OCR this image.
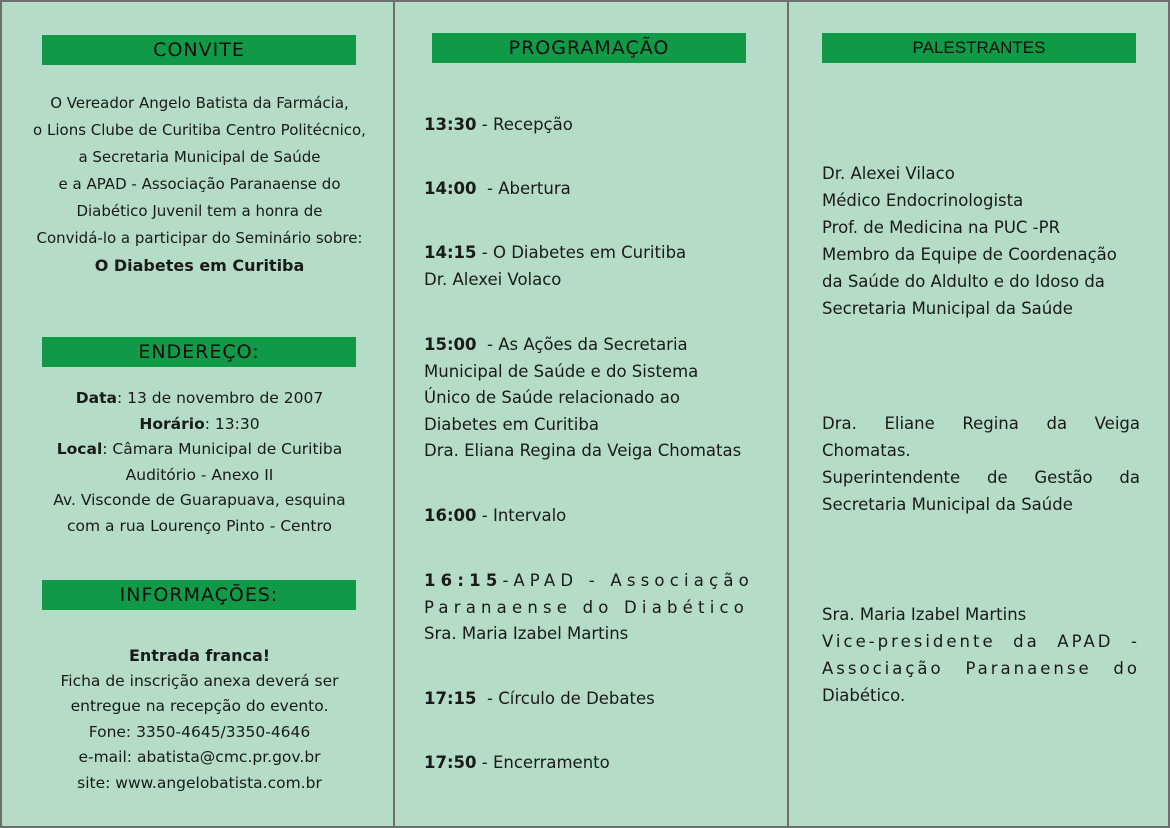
CONVITE
O Vereador Angelo Batista da Farmácia,
o Lions Clube de Curitiba Centro Politécnico,
a Secretaria Municipal de Saúde
e a APAD - Associação Paranaense do
Diabético Juvenil tem a honra de
Convidá-lo a participar do Seminário sobre:
O Diabetes em Curitiba
ENDEREÇO:
Data: 13 de novembro de 2007
Horário: 13:30
Local: Câmara Municipal de Curitiba
Auditório - Anexo II
Av. Visconde de Guarapuava, esquina
com a rua Lourenço Pinto - Centro
INFORMAÇÕES:
Entrada franca!
Ficha de inscrição anexa deverá ser
entregue na recepção do evento.
Fone: 3350-4645/3350-4646
e-mail: abatista@cmc.pr.gov.br
site: www.angelobatista.com.br
PROGRAMAÇÃO
13:30 - Recepção
14:00  - Abertura
14:15 - O Diabetes em Curitiba
Dr. Alexei Volaco
15:00  - As Ações da Secretaria
Municipal de Saúde e do Sistema
Único de Saúde relacionado ao
Diabetes em Curitiba
Dra. Eliana Regina da Veiga Chomatas
16:00 - Intervalo
16:15-APAD - Associação
Paranaense do Diabético
Sra. Maria Izabel Martins
17:15  - Círculo de Debates
17:50 - Encerramento
PALESTRANTES
Dr. Alexei Vilaco
Médico Endocrinologista
Prof. de Medicina na PUC -PR
Membro da Equipe de Coordenação
da Saúde do Aldulto e do Idoso da
Secretaria Municipal da Saúde
Dra. Eliane Regina da Veiga
Chomatas.
Superintendente de Gestão da
Secretaria Municipal da Saúde
Sra. Maria Izabel Martins
Vice-presidente da APAD -
Associação Paranaense do
Diabético.
